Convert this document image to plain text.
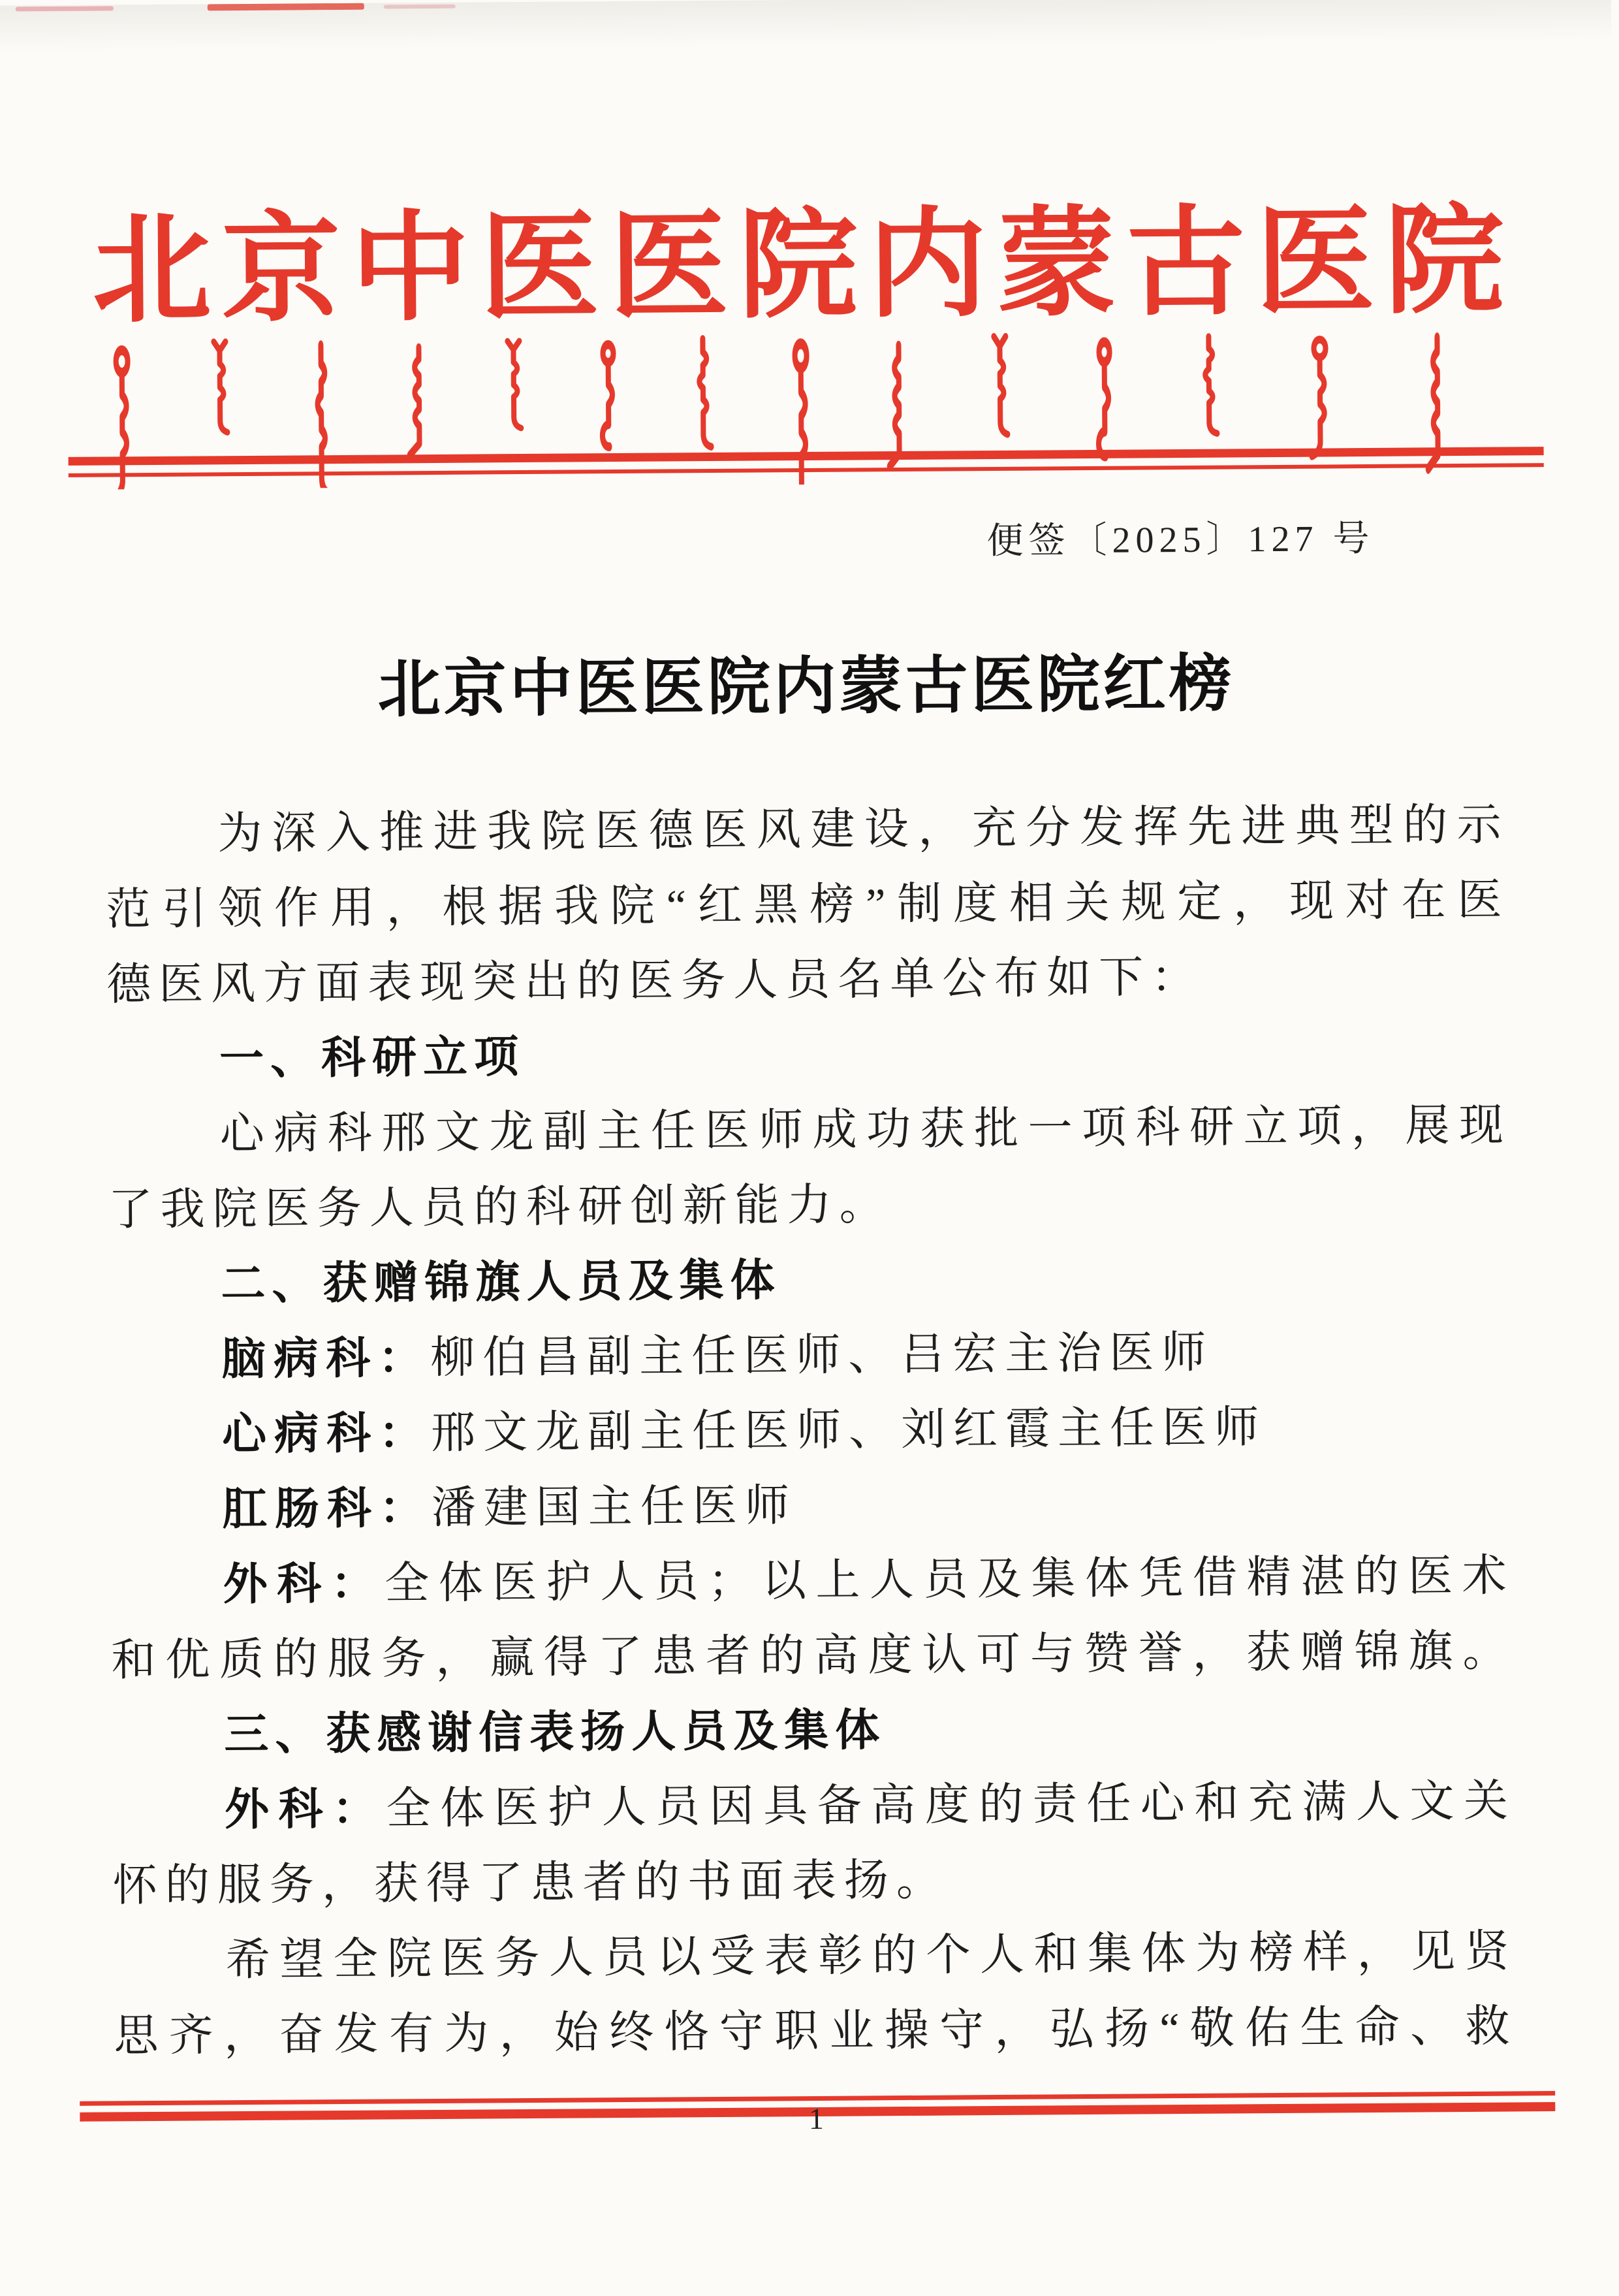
北京中医医院内蒙古医院
便签〔2025〕127 号
北京中医医院内蒙古医院红榜
为深入推进我院医德医风建设，充分发挥先进典型的示
范引领作用，根据我院“红黑榜”制度相关规定，现对在医
德医风方面表现突出的医务人员名单公布如下：
一、科研立项
心病科邢文龙副主任医师成功获批一项科研立项，展现
了我院医务人员的科研创新能力。
二、获赠锦旗人员及集体
脑病科：柳伯昌副主任医师、吕宏主治医师
心病科：邢文龙副主任医师、刘红霞主任医师
肛肠科：潘建国主任医师
外科：全体医护人员；以上人员及集体凭借精湛的医术
和优质的服务，赢得了患者的高度认可与赞誉，获赠锦旗。
三、获感谢信表扬人员及集体
外科：全体医护人员因具备高度的责任心和充满人文关
怀的服务，获得了患者的书面表扬。
希望全院医务人员以受表彰的个人和集体为榜样，见贤
思齐，奋发有为，始终恪守职业操守，弘扬“敬佑生命、救
1
